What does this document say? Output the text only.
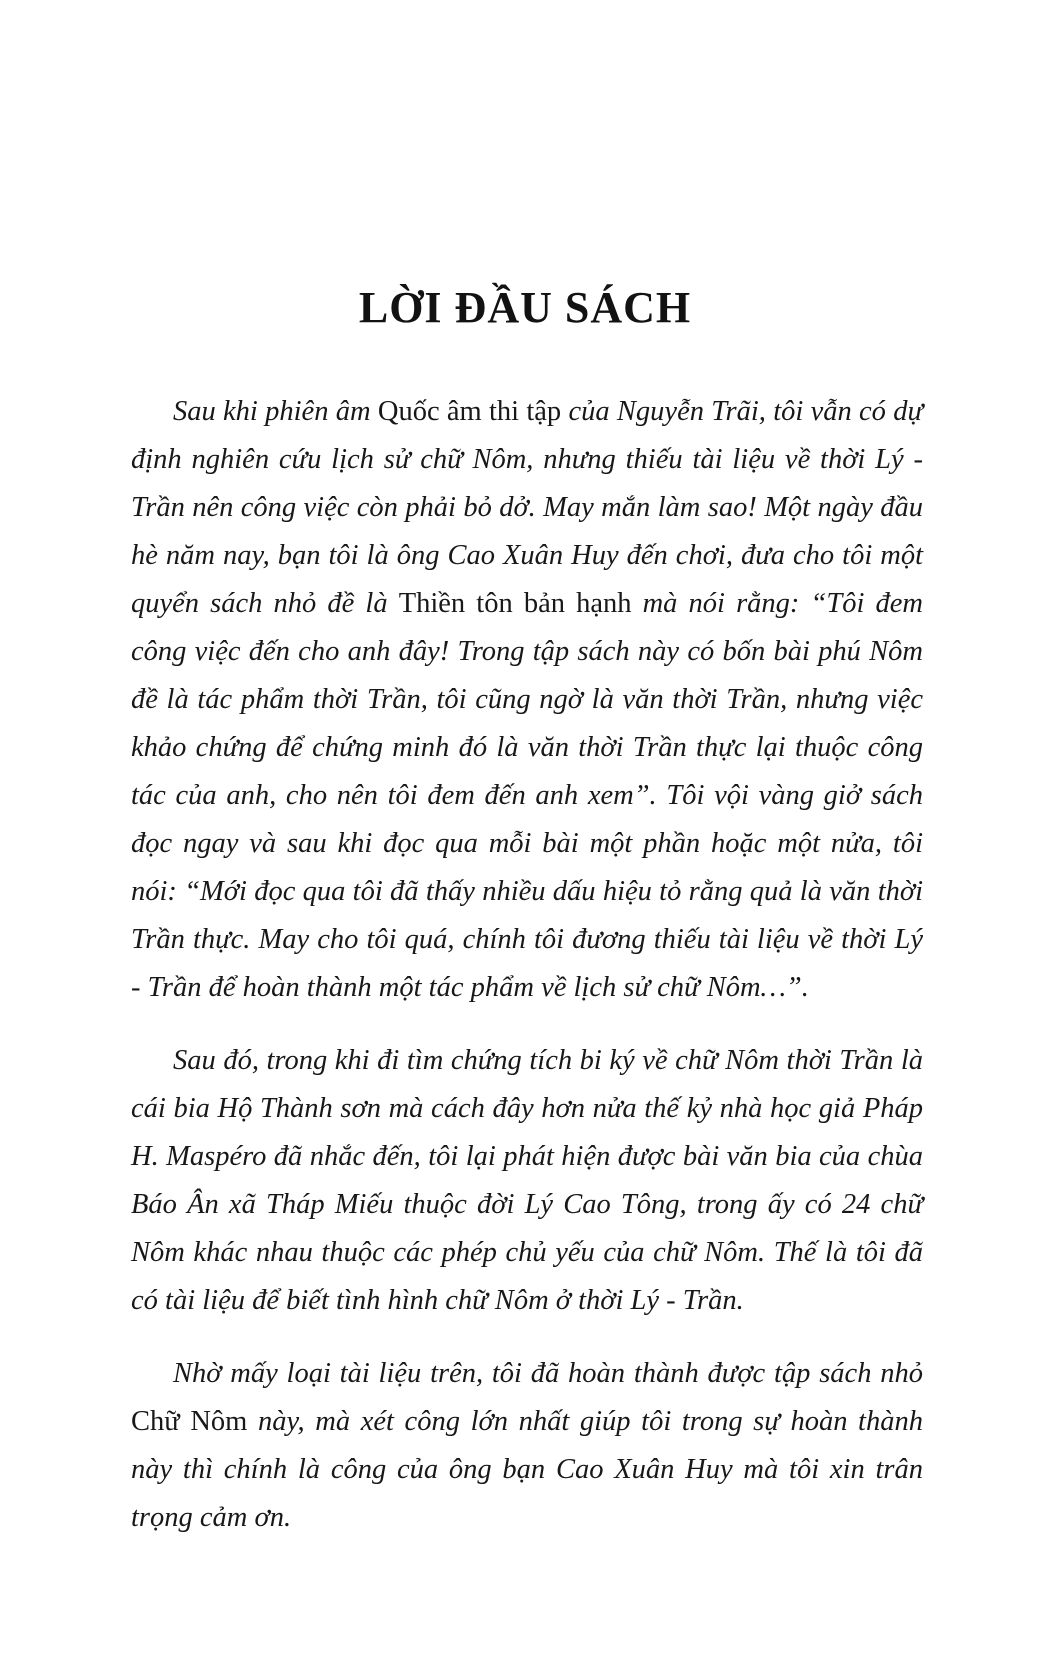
LỜI ĐẦU SÁCH

Sau khi phiên âm Quốc âm thi tập của Nguyễn Trãi, tôi vẫn có dự định nghiên cứu lịch sử chữ Nôm, nhưng thiếu tài liệu về thời Lý - Trần nên công việc còn phải bỏ dở. May mắn làm sao! Một ngày đầu hè năm nay, bạn tôi là ông Cao Xuân Huy đến chơi, đưa cho tôi một quyển sách nhỏ đề là Thiền tôn bản hạnh mà nói rằng: “Tôi đem công việc đến cho anh đây! Trong tập sách này có bốn bài phú Nôm đề là tác phẩm thời Trần, tôi cũng ngờ là văn thời Trần, nhưng việc khảo chứng để chứng minh đó là văn thời Trần thực lại thuộc công tác của anh, cho nên tôi đem đến anh xem”. Tôi vội vàng giở sách đọc ngay và sau khi đọc qua mỗi bài một phần hoặc một nửa, tôi nói: “Mới đọc qua tôi đã thấy nhiều dấu hiệu tỏ rằng quả là văn thời Trần thực. May cho tôi quá, chính tôi đương thiếu tài liệu về thời Lý - Trần để hoàn thành một tác phẩm về lịch sử chữ Nôm…”.

Sau đó, trong khi đi tìm chứng tích bi ký về chữ Nôm thời Trần là cái bia Hộ Thành sơn mà cách đây hơn nửa thế kỷ nhà học giả Pháp H. Maspéro đã nhắc đến, tôi lại phát hiện được bài văn bia của chùa Báo Ân xã Tháp Miếu thuộc đời Lý Cao Tông, trong ấy có 24 chữ Nôm khác nhau thuộc các phép chủ yếu của chữ Nôm. Thế là tôi đã có tài liệu để biết tình hình chữ Nôm ở thời Lý - Trần.

Nhờ mấy loại tài liệu trên, tôi đã hoàn thành được tập sách nhỏ Chữ Nôm này, mà xét công lớn nhất giúp tôi trong sự hoàn thành này thì chính là công của ông bạn Cao Xuân Huy mà tôi xin trân trọng cảm ơn.
